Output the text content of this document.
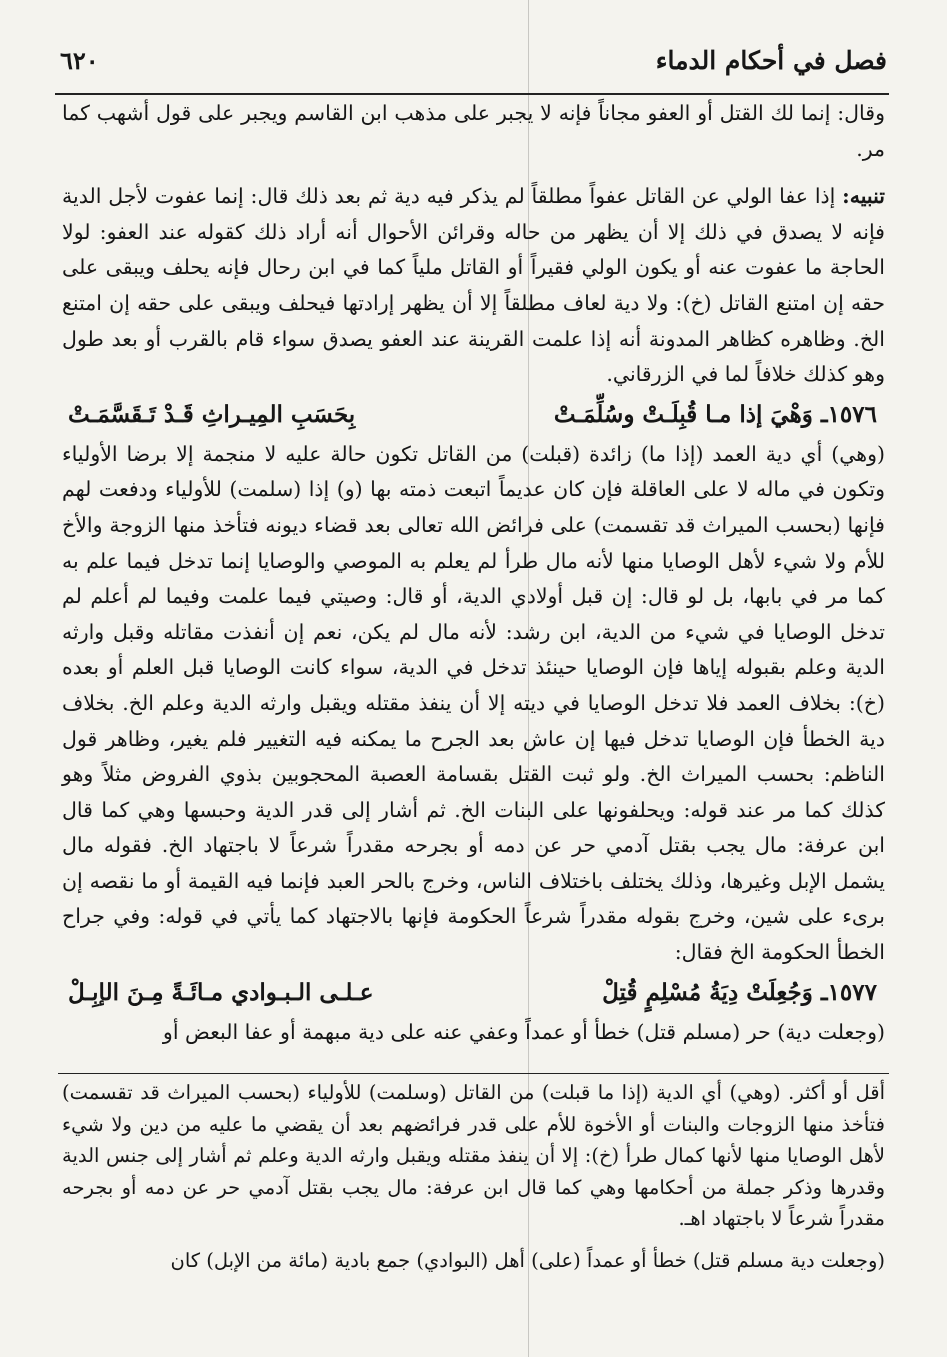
فصل في أحكام الدماء
٦٢٠

وقال: إنما لك القتل أو العفو مجاناً فإنه لا يجبر على مذهب ابن القاسم ويجبر على قول أشهب كما مر.

تنبيه: إذا عفا الولي عن القاتل عفواً مطلقاً لم يذكر فيه دية ثم بعد ذلك قال: إنما عفوت لأجل الدية فإنه لا يصدق في ذلك إلا أن يظهر من حاله وقرائن الأحوال أنه أراد ذلك كقوله عند العفو: لولا الحاجة ما عفوت عنه أو يكون الولي فقيراً أو القاتل ملياً كما في ابن رحال فإنه يحلف ويبقى على حقه إن امتنع القاتل (خ): ولا دية لعاف مطلقاً إلا أن يظهر إرادتها فيحلف ويبقى على حقه إن امتنع الخ. وظاهره كظاهر المدونة أنه إذا علمت القرينة عند العفو يصدق سواء قام بالقرب أو بعد طول وهو كذلك خلافاً لما في الزرقاني.

١٥٧٦ـ وَهْيَ إذا مـا قُبِلَـتْ وسُلِّمَـتْ
بِحَسَبِ المِيـراثِ قَـدْ تَـقَسَّمَـتْ

(وهي) أي دية العمد (إذا ما) زائدة (قبلت) من القاتل تكون حالة عليه لا منجمة إلا برضا الأولياء وتكون في ماله لا على العاقلة فإن كان عديماً اتبعت ذمته بها (و) إذا (سلمت) للأولياء ودفعت لهم فإنها (بحسب الميراث قد تقسمت) على فرائض الله تعالى بعد قضاء ديونه فتأخذ منها الزوجة والأخ للأم ولا شيء لأهل الوصايا منها لأنه مال طرأ لم يعلم به الموصي والوصايا إنما تدخل فيما علم به كما مر في بابها، بل لو قال: إن قبل أولادي الدية، أو قال: وصيتي فيما علمت وفيما لم أعلم لم تدخل الوصايا في شيء من الدية، ابن رشد: لأنه مال لم يكن، نعم إن أنفذت مقاتله وقبل وارثه الدية وعلم بقبوله إياها فإن الوصايا حينئذ تدخل في الدية، سواء كانت الوصايا قبل العلم أو بعده (خ): بخلاف العمد فلا تدخل الوصايا في ديته إلا أن ينفذ مقتله ويقبل وارثه الدية وعلم الخ. بخلاف دية الخطأ فإن الوصايا تدخل فيها إن عاش بعد الجرح ما يمكنه فيه التغيير فلم يغير، وظاهر قول الناظم: بحسب الميراث الخ. ولو ثبت القتل بقسامة العصبة المحجوبين بذوي الفروض مثلاً وهو كذلك كما مر عند قوله: ويحلفونها على البنات الخ. ثم أشار إلى قدر الدية وحبسها وهي كما قال ابن عرفة: مال يجب بقتل آدمي حر عن دمه أو بجرحه مقدراً شرعاً لا باجتهاد الخ. فقوله مال يشمل الإبل وغيرها، وذلك يختلف باختلاف الناس، وخرج بالحر العبد فإنما فيه القيمة أو ما نقصه إن برىء على شين، وخرج بقوله مقدراً شرعاً الحكومة فإنها بالاجتهاد كما يأتي في قوله: وفي جراح الخطأ الحكومة الخ فقال:

١٥٧٧ـ وَجُعِلَتْ دِيَةُ مُسْلِمٍ قُتِلْ
عـلـى الـبـوادي مـائَـةً مِـنَ الإبِـلْ

(وجعلت دية) حر (مسلم قتل) خطأ أو عمداً وعفي عنه على دية مبهمة أو عفا البعض أو

أقل أو أكثر. (وهي) أي الدية (إذا ما قبلت) من القاتل (وسلمت) للأولياء (بحسب الميراث قد تقسمت) فتأخذ منها الزوجات والبنات أو الأخوة للأم على قدر فرائضهم بعد أن يقضي ما عليه من دين ولا شيء لأهل الوصايا منها لأنها كمال طرأ (خ): إلا أن ينفذ مقتله ويقبل وارثه الدية وعلم ثم أشار إلى جنس الدية وقدرها وذكر جملة من أحكامها وهي كما قال ابن عرفة: مال يجب بقتل آدمي حر عن دمه أو بجرحه مقدراً شرعاً لا باجتهاد اهـ.

(وجعلت دية مسلم قتل) خطأ أو عمداً (على) أهل (البوادي) جمع بادية (مائة من الإبل) كان
